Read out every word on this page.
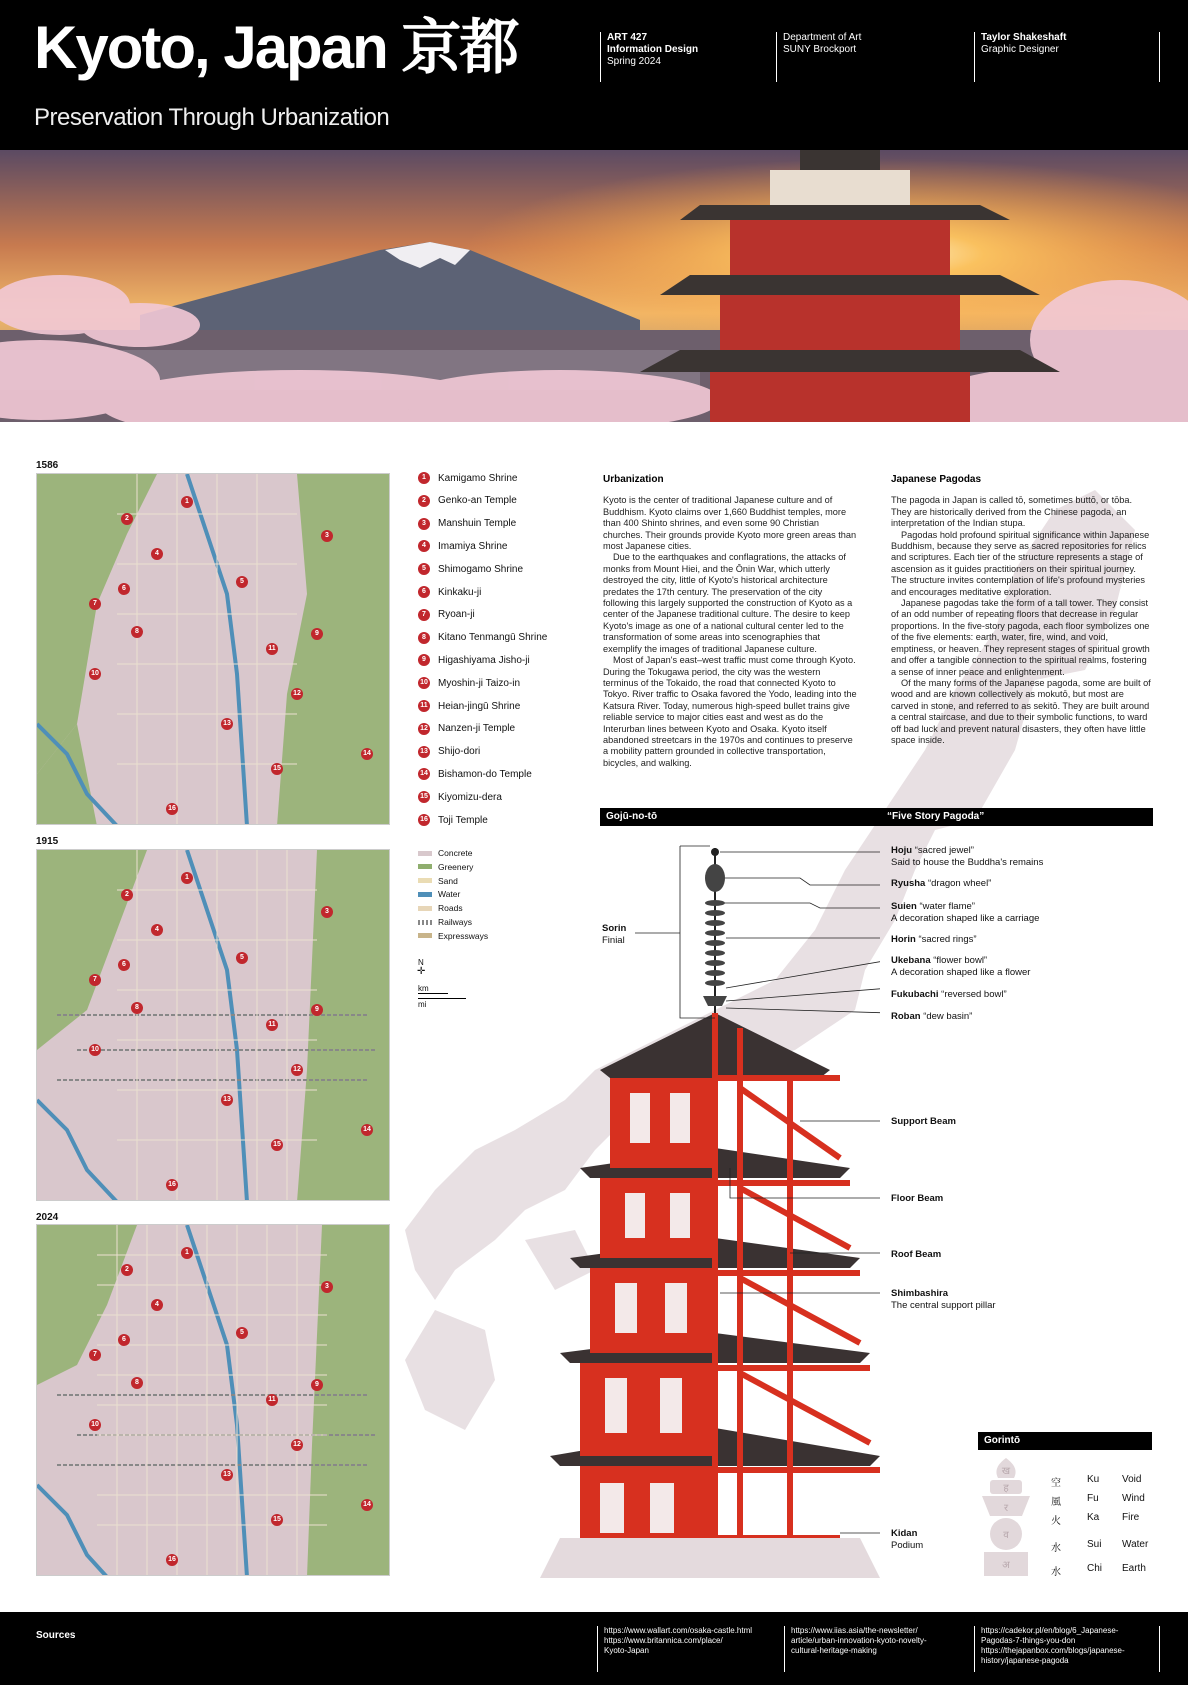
Kyoto, Japan 京都
Preservation Through Urbanization
ART 427
Information Design
Spring 2024
Department of Art
SUNY Brockport
Taylor Shakeshaft
Graphic Designer
1586
1
2
3
4
5
6
7
8	9
10
11
12
13
14
15
16
1915
1
2
3
4
5
6
7
8	9
10
11
12
13
14
15
16
2024
1
2
3
4
5
6
7
8	9
10
11
12
13
14
15
16
1	Kamigamo Shrine
2	Genko-an Temple
3	Manshuin Temple
4	Imamiya Shrine
5	Shimogamo Shrine
6	Kinkaku-ji
7	Ryoan-ji
8	Kitano Tenmangū Shrine
9	Higashiyama Jisho-ji
10 Myoshin-ji Taizo-in
11 Heian-jingū Shrine
12 Nanzen-ji Temple
13 Shijo-dori
14 Bishamon-do Temple
15 Kiyomizu-dera
16 Toji Temple
Concrete
Greenery
Sand
Water
Roads
Railways
Expressways
N
✛
km
mi
Urbanization

Kyoto is the center of traditional Japanese culture and of Buddhism. Kyoto claims over 1,660 Buddhist temples, more than 400 Shinto shrines, and even some 90 Christian churches. Their grounds provide Kyoto more green areas than most Japanese cities.

Due to the earthquakes and conflagrations, the attacks of monks from Mount Hiei, and the Ōnin War, which utterly destroyed the city, little of Kyoto's historical architecture predates the 17th century. The preservation of the city following this largely supported the construction of Kyoto as a center of the Japanese traditional culture. The desire to keep Kyoto's image as one of a national cultural center led to the transformation of some areas into scenographies that exemplify the images of traditional Japanese culture.

Most of Japan's east–west traffic must come through Kyoto. During the Tokugawa period, the city was the western terminus of the Tokaido, the road that connected Kyoto to Tokyo. River traffic to Osaka favored the Yodo, leading into the Katsura River. Today, numerous high-speed bullet trains give reliable service to major cities east and west as do the Interurban lines between Kyoto and Osaka. Kyoto itself abandoned streetcars in the 1970s and continues to preserve a mobility pattern grounded in collective transportation, bicycles, and walking.

Japanese Pagodas

The pagoda in Japan is called tō, sometimes buttō, or tōba. They are historically derived from the Chinese pagoda, an interpretation of the Indian stupa.

Pagodas hold profound spiritual significance within Japanese Buddhism, because they serve as sacred repositories for relics and scriptures. Each tier of the structure represents a stage of ascension as it guides practitioners on their spiritual journey. The structure invites contemplation of life's profound mysteries and encourages meditative exploration.

Japanese pagodas take the form of a tall tower. They consist of an odd number of repeating floors that decrease in regular proportions. In the five-story pagoda, each floor symbolizes one of the five elements: earth, water, fire, wind, and void, emptiness, or heaven. They represent stages of spiritual growth and offer a tangible connection to the spiritual realms, fostering a sense of inner peace and enlightenment.

Of the many forms of the Japanese pagoda, some are built of wood and are known collectively as mokutō, but most are carved in stone, and referred to as sekitō. They are built around a central staircase, and due to their symbolic functions, to ward off bad luck and prevent natural disasters, they often have little space inside.

Gojū-no-tō	“Five Story Pagoda”
Sorin
Finial
Hoju “sacred jewel”
Said to house the Buddha's remains
Ryusha “dragon wheel”
Suien “water flame”
A decoration shaped like a carriage
Horin “sacred rings”
Ukebana “flower bowl”
A decoration shaped like a flower
Fukubachi “reversed bowl”
Roban “dew basin”
Support Beam
Floor Beam
Roof Beam
Shimbashira
The central support pillar
Kidan
Podium
Gorintō
ख
ह
र
व
अ
空	Ku Void
風	Fu Wind
火	Ka Fire
水	Sui Water
水	Chi Earth
Sources	https://www.wallart.com/osaka-castle.html
https://www.britannica.com/place/
Kyoto-Japan
https://www.iias.asia/the-newsletter/
article/urban-innovation-kyoto-novelty-
cultural-heritage-making
https://cadekor.pl/en/blog/6_Japanese-
Pagodas-7-things-you-don
https://thejapanbox.com/blogs/japanese-
history/japanese-pagoda
